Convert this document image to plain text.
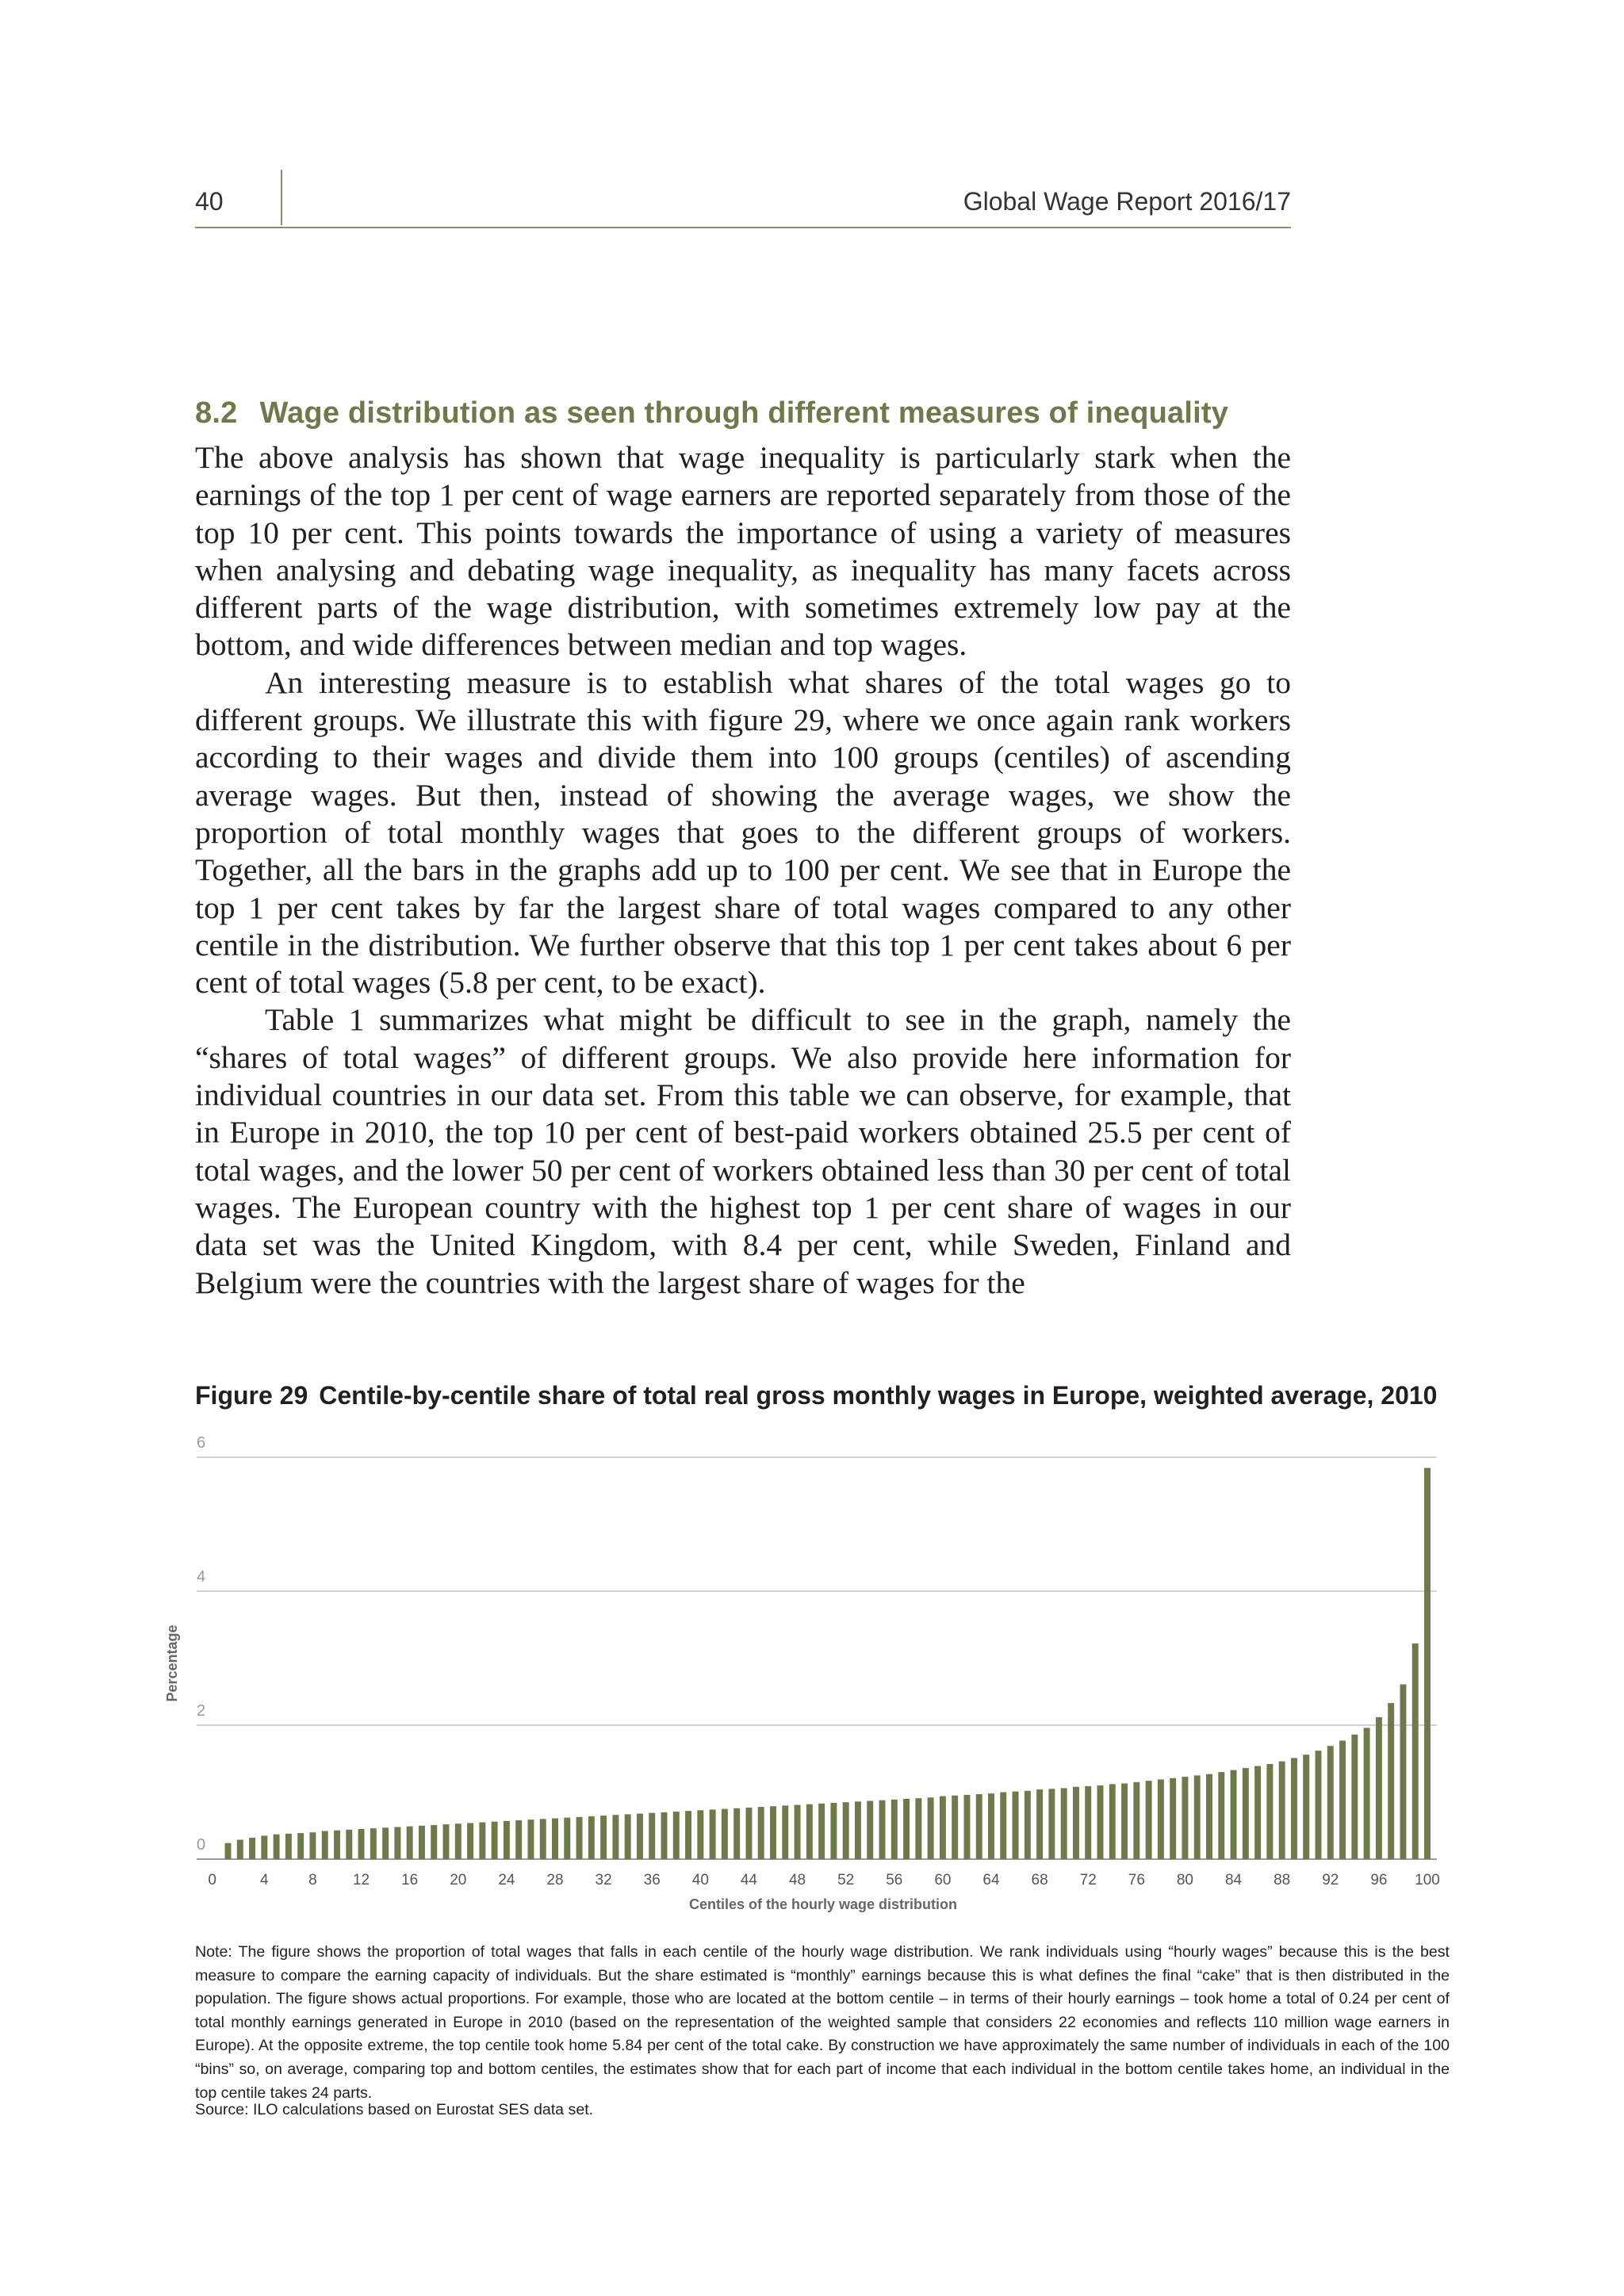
40	Global Wage Report 2016/17
8.2 Wage distribution as seen through different measures of inequality

The above analysis has shown that wage inequality is particularly stark when the earnings of the top 1 per cent of wage earners are reported separately from those of the top 10 per cent. This points towards the importance of using a variety of measures when analysing and debating wage inequality, as inequality has many facets across different parts of the wage distribution, with sometimes extremely low pay at the bottom, and wide differences between median and top wages.

An interesting measure is to establish what shares of the total wages go to different groups. We illustrate this with figure 29, where we once again rank workers according to their wages and divide them into 100 groups (centiles) of ascending average wages. But then, instead of showing the average wages, we show the proportion of total monthly wages that goes to the different groups of workers. Together, all the bars in the graphs add up to 100 per cent. We see that in Europe the top 1 per cent takes by far the largest share of total wages compared to any other centile in the distribution. We further observe that this top 1 per cent takes about 6 per cent of total wages (5.8 per cent, to be exact).

Table 1 summarizes what might be difficult to see in the graph, namely the “shares of total wages” of different groups. We also provide here information for individual countries in our data set. From this table we can observe, for example, that in Europe in 2010, the top 10 per cent of best-paid workers obtained 25.5 per cent of total wages, and the lower 50 per cent of workers obtained less than 30 per cent of total wages. The European country with the highest top 1 per cent share of wages in our data set was the United Kingdom, with 8.4 per cent, while Sweden, Finland and Belgium were the countries with the largest share of wages for the

Figure 29 Centile-by-centile share of total real gross monthly wages in Europe, weighted average, 2010
0
2
4
6
0	4	8 12 16 20 24 28 32 36 40 44 48 52 56 60 64 68 72 76 80 84 88 92 96 100
Percentage
Centiles of the hourly wage distribution
Note: The figure shows the proportion of total wages that falls in each centile of the hourly wage distribution. We rank individuals using “hourly wages” because this is the best measure to compare the earning capacity of individuals. But the share estimated is “monthly” earnings because this is what defines the final “cake” that is then distributed in the population. The figure shows actual proportions. For example, those who are located at the bottom centile – in terms of their hourly earnings – took home a total of 0.24 per cent of total monthly earnings generated in Europe in 2010 (based on the representation of the weighted sample that considers 22 economies and reflects 110 million wage earners in Europe). At the opposite extreme, the top centile took home 5.84 per cent of the total cake. By construction we have approximately the same number of individuals in each of the 100 “bins” so, on average, comparing top and bottom centiles, the estimates show that for each part of income that each individual in the bottom centile takes home, an individual in the top centile takes 24 parts.
Source: ILO calculations based on Eurostat SES data set.
